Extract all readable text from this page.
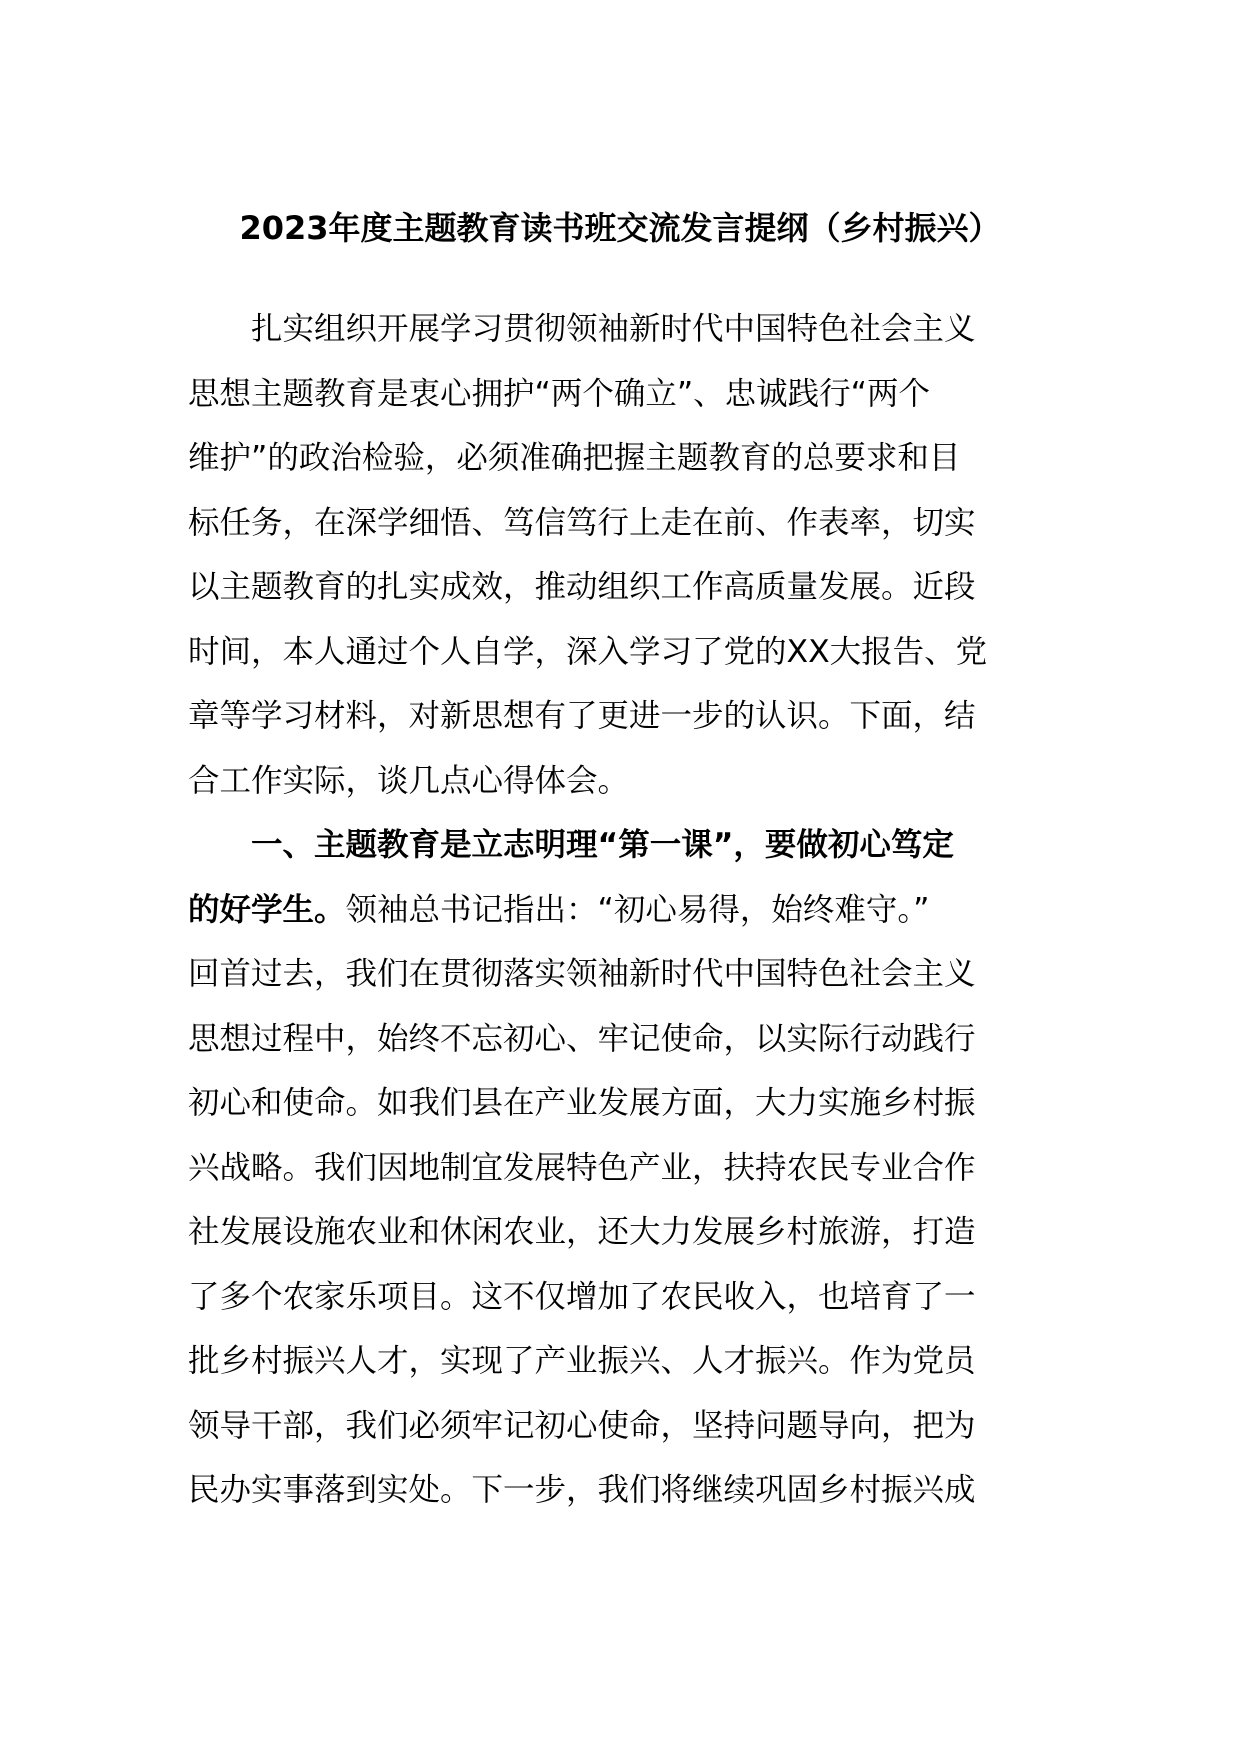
2023年度主题教育读书班交流发言提纲（乡村振兴）
扎实组织开展学习贯彻领袖新时代中国特色社会主义
思想主题教育是衷心拥护“两个确立”、忠诚践行“两个
维护”的政治检验，必须准确把握主题教育的总要求和目
标任务，在深学细悟、笃信笃行上走在前、作表率，切实
以主题教育的扎实成效，推动组织工作高质量发展。近段
时间，本人通过个人自学，深入学习了党的XX大报告、党
章等学习材料，对新思想有了更进一步的认识。下面，结
合工作实际，谈几点心得体会。
一、主题教育是立志明理“第一课”，要做初心笃定
的好学生。领袖总书记指出：“初心易得，始终难守。”
回首过去，我们在贯彻落实领袖新时代中国特色社会主义
思想过程中，始终不忘初心、牢记使命，以实际行动践行
初心和使命。如我们县在产业发展方面，大力实施乡村振
兴战略。我们因地制宜发展特色产业，扶持农民专业合作
社发展设施农业和休闲农业，还大力发展乡村旅游，打造
了多个农家乐项目。这不仅增加了农民收入，也培育了一
批乡村振兴人才，实现了产业振兴、人才振兴。作为党员
领导干部，我们必须牢记初心使命，坚持问题导向，把为
民办实事落到实处。下一步，我们将继续巩固乡村振兴成
